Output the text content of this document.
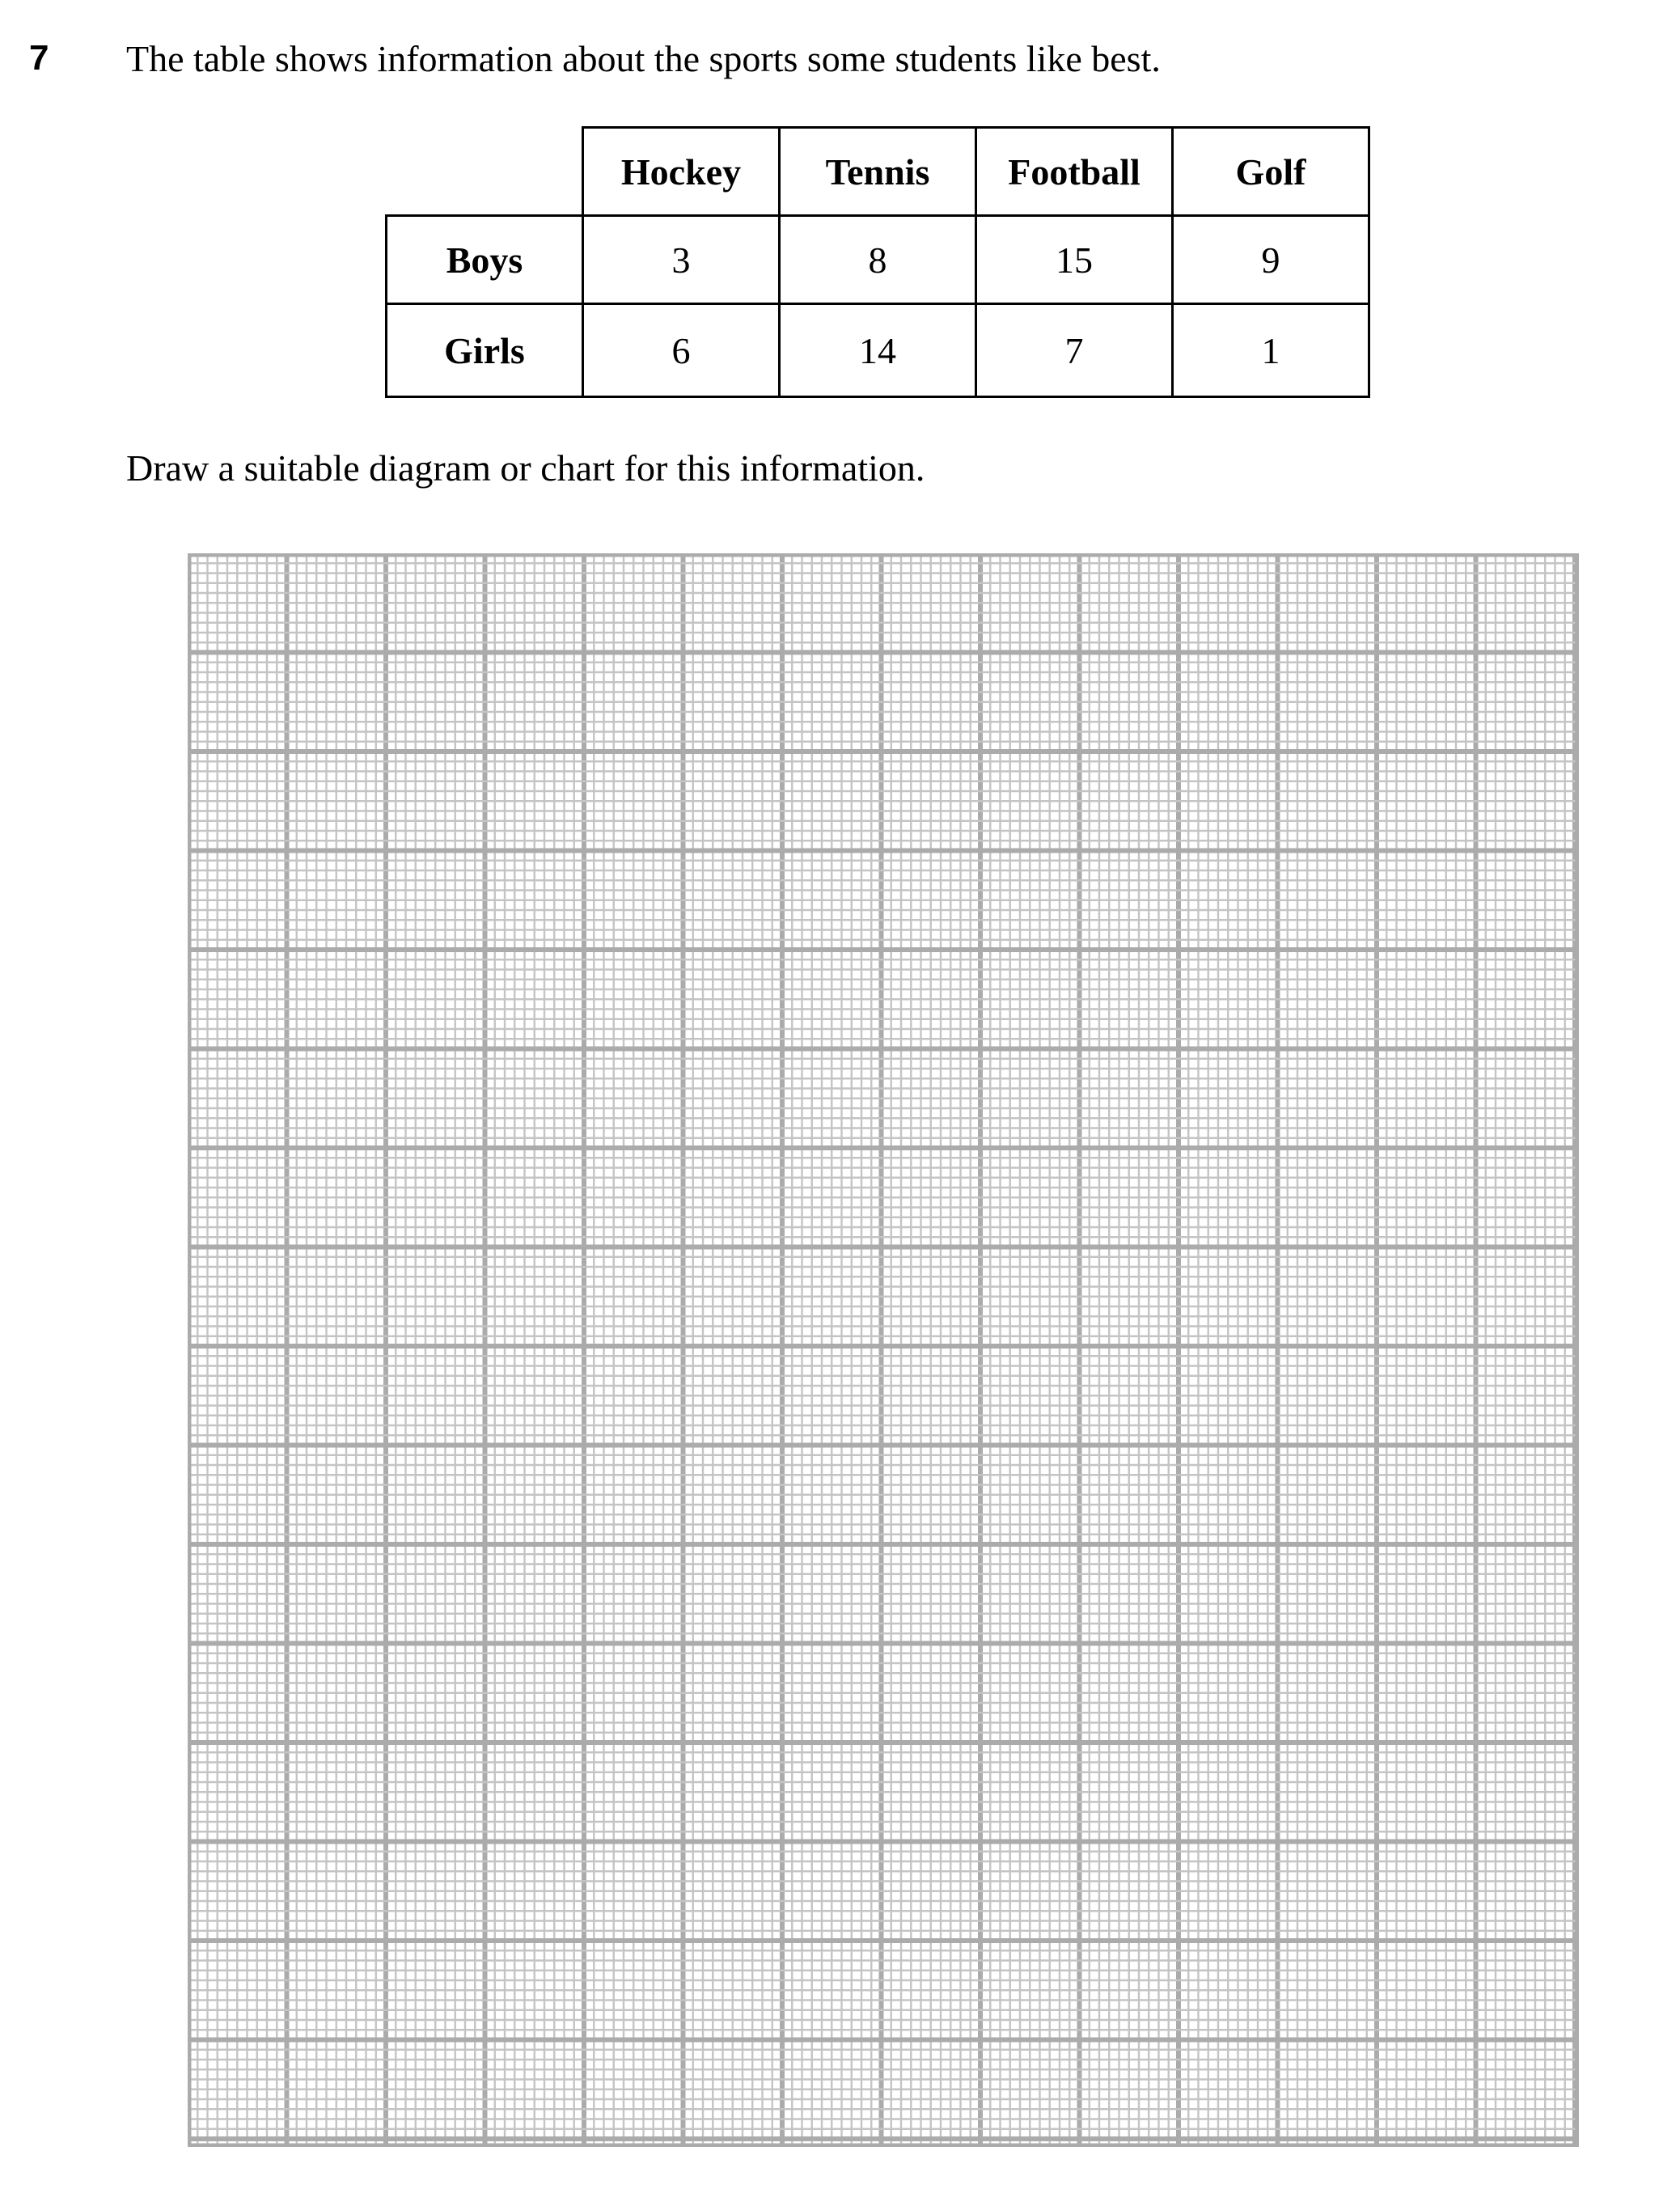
7 The table shows information about the sports some students like best.
	Hockey	Tennis	Football	Golf
Boys	3	8	15	9
Girls	6	14	7	1
Draw a suitable diagram or chart for this information.
